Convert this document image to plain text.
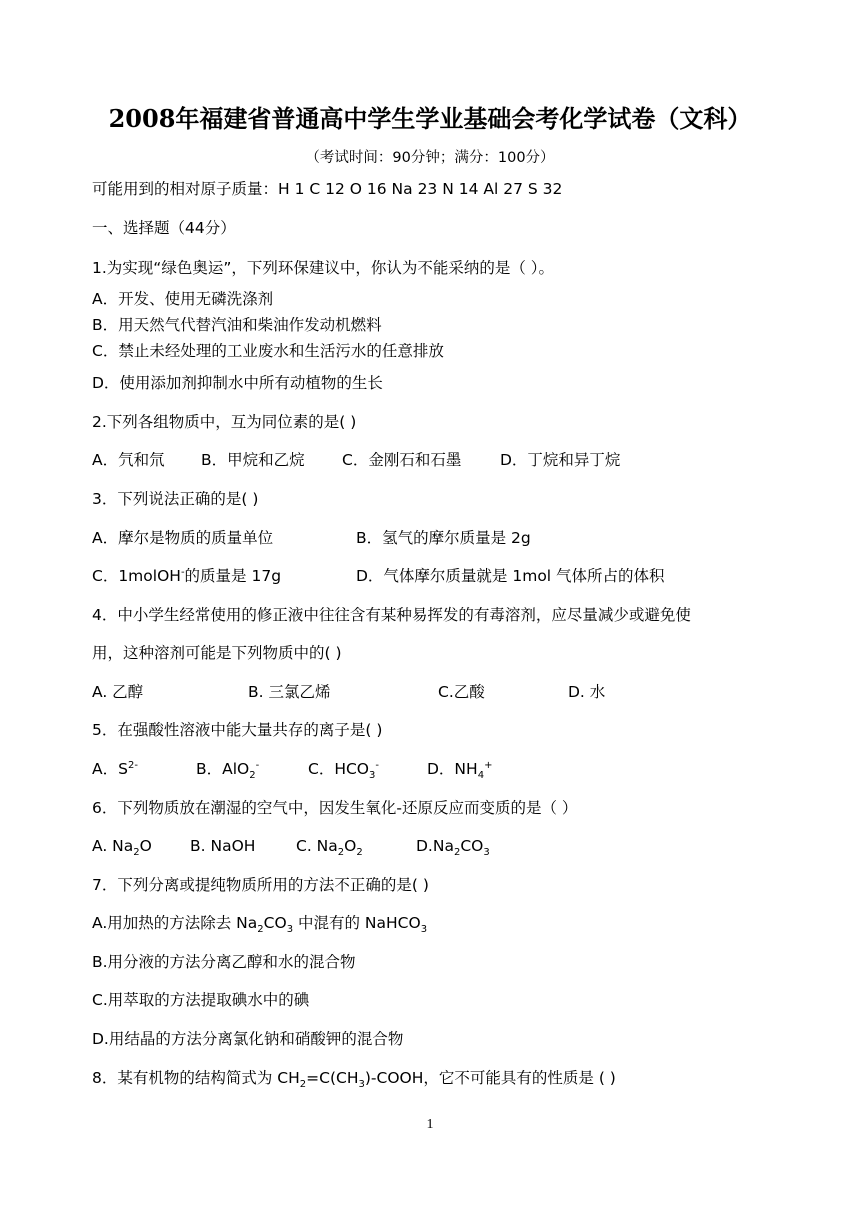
2008年福建省普通高中学生学业基础会考化学试卷（文科）
（考试时间：90分钟；满分：100分）
可能用到的相对原子质量：H 1 C 12 O 16 Na 23 N 14 Al 27 S 32
一、选择题（44分）
1.为实现“绿色奥运”，下列环保建议中，你认为不能采纳的是（ ）。
A．开发、使用无磷洗涤剂
B．用天然气代替汽油和柴油作发动机燃料
C．禁止未经处理的工业废水和生活污水的任意排放
D．使用添加剂抑制水中所有动植物的生长
2.下列各组物质中，互为同位素的是( )
A．氕和氘 B．甲烷和乙烷 C．金刚石和石墨 D．丁烷和异丁烷
3．下列说法正确的是( )
A．摩尔是物质的质量单位	B．氢气的摩尔质量是 2g
C．1molOH-的质量是 17g	D．气体摩尔质量就是 1mol 气体所占的体积
4．中小学生经常使用的修正液中往往含有某种易挥发的有毒溶剂，应尽量减少或避免使
用，这种溶剂可能是下列物质中的( )
A. 乙醇	B. 三氯乙烯	C.乙酸	D. 水
5．在强酸性溶液中能大量共存的离子是( )
A．$S^{2-}$	B．AlO$_2$-	C．$HCO_3^-$	D．$NH_4^+$
6．下列物质放在潮湿的空气中，因发生氧化-还原反应而变质的是（ ）
A. $Na_2O$ B. NaOH	C. $Na_2O_2$	$D.Na_2CO_3$
7．下列分离或提纯物质所用的方法不正确的是( )
A.用加热的方法除去 $Na_2CO_3$ 中混有的 NaHCO$_3$
B.用分液的方法分离乙醇和水的混合物
C.用萃取的方法提取碘水中的碘
D.用结晶的方法分离氯化钠和硝酸钾的混合物
8．某有机物的结构简式为 $CH_2=C(CH_3)$-COOH，它不可能具有的性质是 ( )
1
